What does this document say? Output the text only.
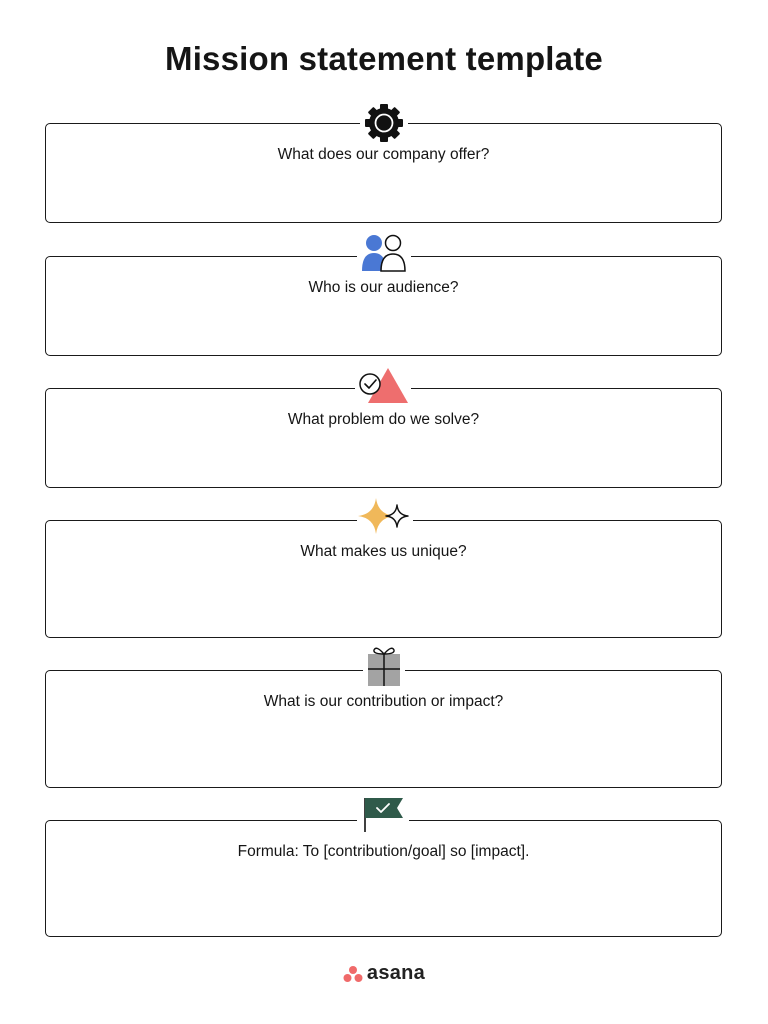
Mission statement template
What does our company offer?
Who is our audience?
What problem do we solve?
What makes us unique?
What is our contribution or impact?
Formula: To [contribution/goal] so [impact].
asana
